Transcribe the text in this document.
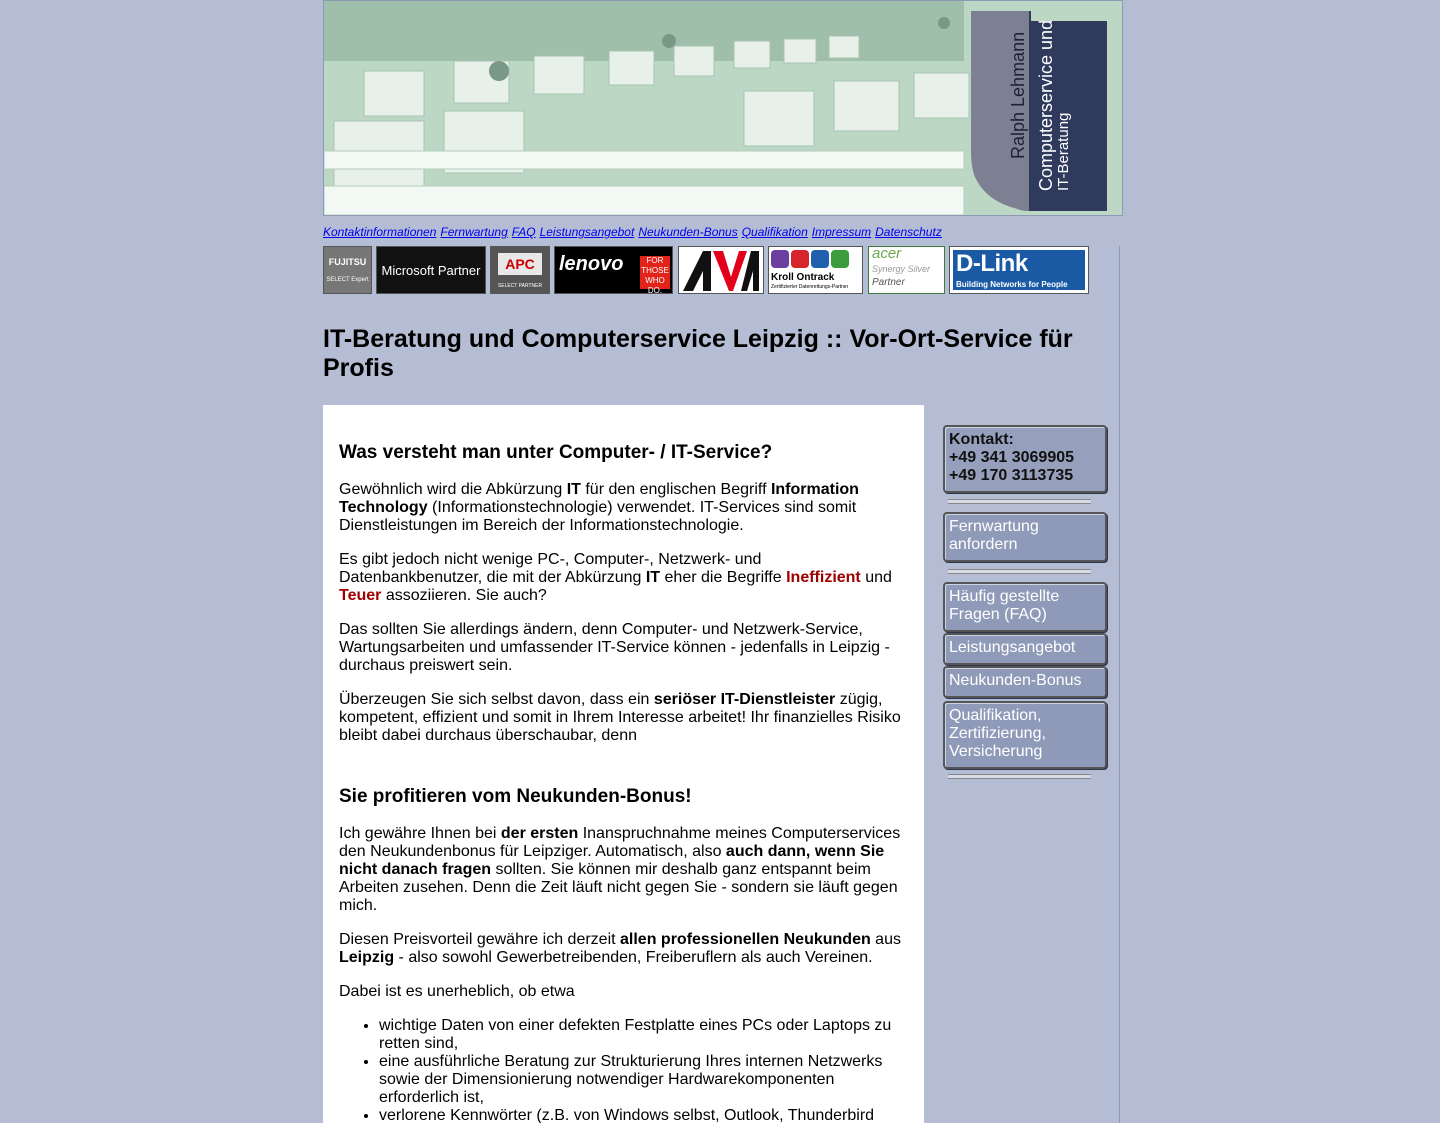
Ralph Lehmann Computerservice und IT-Beratung
Kontaktinformationen Fernwartung FAQ Leistungsangebot Neukunden-Bonus Qualifikation Impressum Datenschutz
FUJITSU
SELECT Expert
Microsoft Partner	APC
SELECT PARTNER
lenovo	FOR
THOSE
WHO DO.
Kroll Ontrack
Zertifizierter Datenrettungs-Partner
acer
Synergy Silver
Partner
D-Link
Building Networks for People
IT-Beratung und Computerservice Leipzig :: Vor-Ort-Service für Profis
Was versteht man unter Computer- / IT-Service?

Gewöhnlich wird die Abkürzung IT für den englischen Begriff Information Technology (Informationstechnologie) verwendet. IT-Services sind somit Dienstleistungen im Bereich der Informationstechnologie.

Es gibt jedoch nicht wenige PC-, Computer-, Netzwerk- und Datenbankbenutzer, die mit der Abkürzung IT eher die Begriffe Ineffizient und Teuer assoziieren. Sie auch?

Das sollten Sie allerdings ändern, denn Computer- und Netzwerk-Service, Wartungsarbeiten und umfassender IT-Service können - jedenfalls in Leipzig - durchaus preiswert sein.

Überzeugen Sie sich selbst davon, dass ein seriöser IT-Dienstleister zügig, kompetent, effizient und somit in Ihrem Interesse arbeitet! Ihr finanzielles Risiko bleibt dabei durchaus überschaubar, denn

Sie profitieren vom Neukunden-Bonus!

Ich gewähre Ihnen bei der ersten Inanspruchnahme meines Computerservices den Neukundenbonus für Leipziger. Automatisch, also auch dann, wenn Sie nicht danach fragen sollten. Sie können mir deshalb ganz entspannt beim Arbeiten zusehen. Denn die Zeit läuft nicht gegen Sie - sondern sie läuft gegen mich.

Diesen Preisvorteil gewähre ich derzeit allen professionellen Neukunden aus Leipzig - also sowohl Gewerbetreibenden, Freiberuflern als auch Vereinen.

Dabei ist es unerheblich, ob etwa

• wichtige Daten von einer defekten Festplatte eines PCs oder Laptops zu retten sind,
• eine ausführliche Beratung zur Strukturierung Ihres internen Netzwerks sowie der Dimensionierung notwendiger Hardwarekomponenten erforderlich ist,
• verlorene Kennwörter (z.B. von Windows selbst, Outlook, Thunderbird
Kontakt:
+49 341 3069905
+49 170 3113735
Fernwartung anfordern
Häufig gestellte Fragen (FAQ)
Leistungsangebot
Neukunden-Bonus
Qualifikation, Zertifizierung, Versicherung
